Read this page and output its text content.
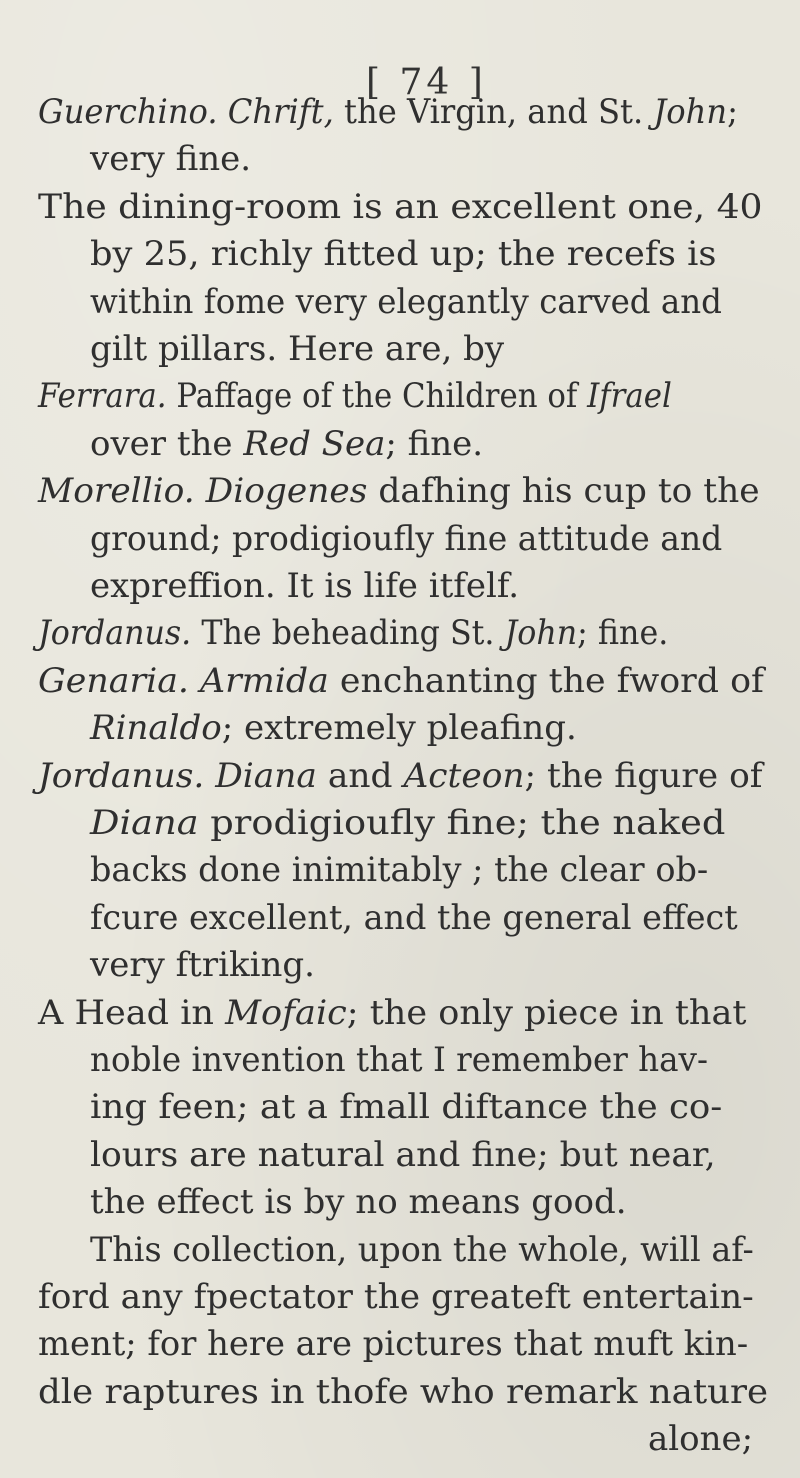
[ 74 ]
Guerchino. Chrift, the Virgin, and St. John;
very fine.
The dining-room is an excellent one, 40
by 25, richly fitted up; the recefs is
within fome very elegantly carved and
gilt pillars. Here are, by
Ferrara. Paffage of the Children of Ifrael
over the Red Sea; fine.
Morellio. Diogenes dafhing his cup to the
ground; prodigioufly fine attitude and
expreffion. It is life itfelf.
Jordanus. The beheading St. John; fine.
Genaria. Armida enchanting the fword of
Rinaldo; extremely pleafing.
Jordanus. Diana and Acteon; the figure of
Diana prodigioufly fine; the naked
backs done inimitably ; the clear ob-
fcure excellent, and the general effect
very ftriking.
A Head in Mofaic; the only piece in that
noble invention that I remember hav-
ing feen; at a fmall diftance the co-
lours are natural and fine; but near,
the effect is by no means good.
This collection, upon the whole, will af-
ford any fpectator the greateft entertain-
ment; for here are pictures that muft kin-
dle raptures in thofe who remark nature
alone;
